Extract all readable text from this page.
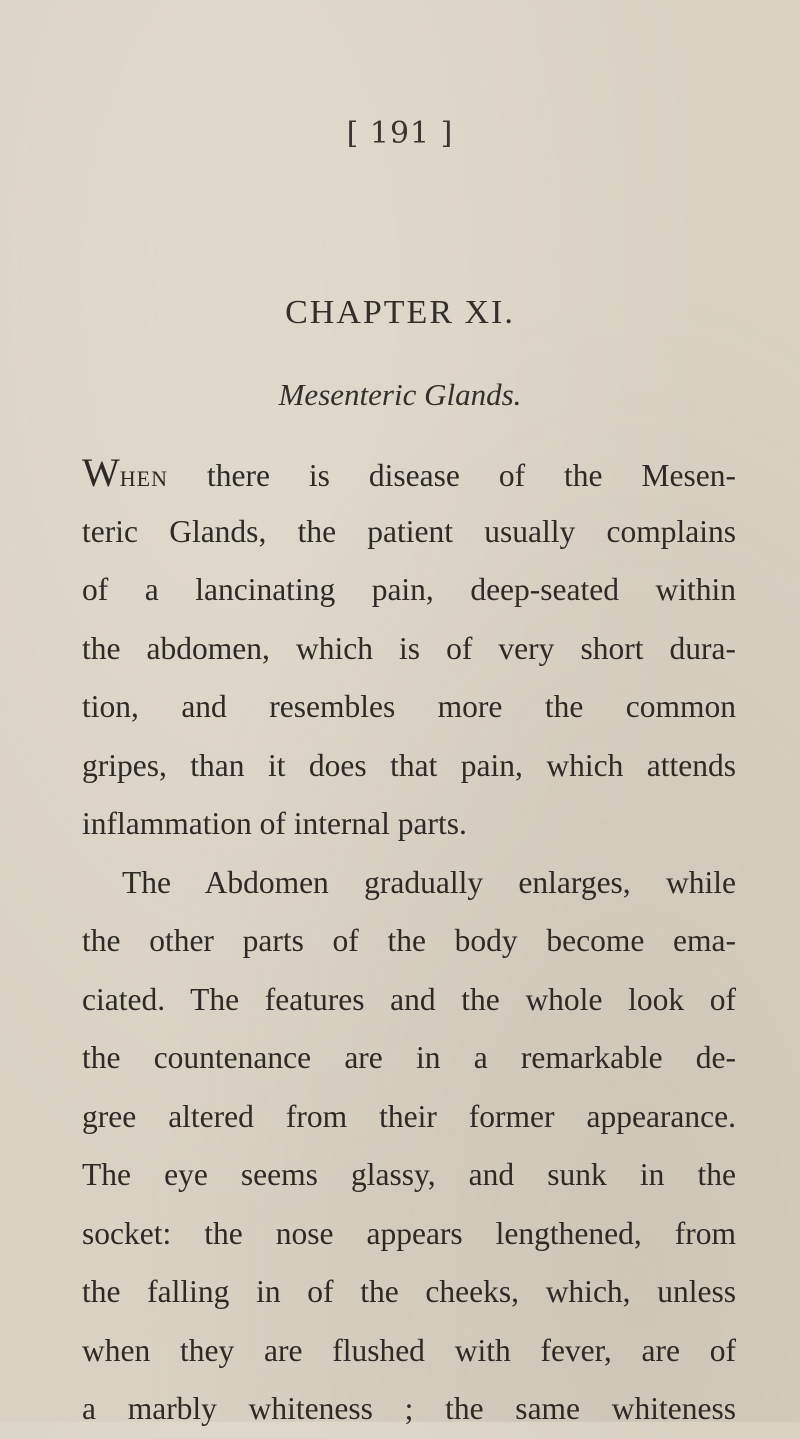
[ 191 ]
CHAPTER XI.
Mesenteric Glands.
When there is disease of the Mesen-
teric Glands, the patient usually complains
of a lancinating pain, deep-seated within
the abdomen, which is of very short dura-
tion, and resembles more the common
gripes, than it does that pain, which attends
inflammation of internal parts.
The Abdomen gradually enlarges, while
the other parts of the body become ema-
ciated. The features and the whole look of
the countenance are in a remarkable de-
gree altered from their former appearance.
The eye seems glassy, and sunk in the
socket: the nose appears lengthened, from
the falling in of the cheeks, which, unless
when they are flushed with fever, are of
a marbly whiteness ; the same whiteness
